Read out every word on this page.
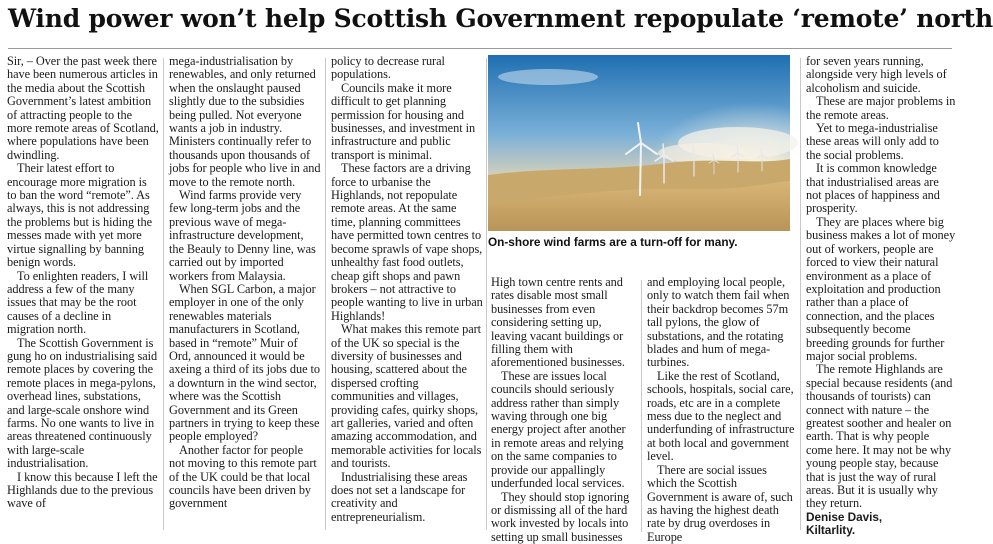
Wind power won’t help Scottish Government repopulate ‘remote’ north

Sir, – Over the past week there have been numerous articles in the media about the Scottish Government’s latest ambition of attracting people to the more remote areas of Scotland, where populations have been dwindling.

Their latest effort to encourage more migration is to ban the word “remote”. As always, this is not addressing the problems but is hiding the messes made with yet more virtue signalling by banning benign words.

To enlighten readers, I will address a few of the many issues that may be the root causes of a decline in migration north.

The Scottish Government is gung ho on industrialising said remote places by covering the remote places in mega-pylons, overhead lines, substations, and large-scale onshore wind farms. No one wants to live in areas threatened continuously with large-scale industrialisation.

I know this because I left the Highlands due to the previous wave of

mega-industrialisation by renewables, and only returned when the onslaught paused slightly due to the subsidies being pulled. Not everyone wants a job in industry. Ministers continually refer to thousands upon thousands of jobs for people who live in and move to the remote north.

Wind farms provide very few long-term jobs and the previous wave of mega-infrastructure development, the Beauly to Denny line, was carried out by imported workers from Malaysia.

When SGL Carbon, a major employer in one of the only renewables materials manufacturers in Scotland, based in “remote” Muir of Ord, announced it would be axeing a third of its jobs due to a downturn in the wind sector, where was the Scottish Government and its Green partners in trying to keep these people employed?

Another factor for people not moving to this remote part of the UK could be that local councils have been driven by government

policy to decrease rural populations.

Councils make it more difficult to get planning permission for housing and businesses, and investment in infrastructure and public transport is minimal.

These factors are a driving force to urbanise the Highlands, not repopulate remote areas. At the same time, planning committees have permitted town centres to become sprawls of vape shops, unhealthy fast food outlets, cheap gift shops and pawn brokers – not attractive to people wanting to live in urban Highlands!

What makes this remote part of the UK so special is the diversity of businesses and housing, scattered about the dispersed crofting communities and villages, providing cafes, quirky shops, art galleries, varied and often amazing accommodation, and memorable activities for locals and tourists.

Industrialising these areas does not set a landscape for creativity and entrepreneurialism.

On-shore wind farms are a turn-off for many.

High town centre rents and rates disable most small businesses from even considering setting up, leaving vacant buildings or filling them with aforementioned businesses.

These are issues local councils should seriously address rather than simply waving through one big energy project after another in remote areas and relying on the same companies to provide our appallingly underfunded local services.

They should stop ignoring or dismissing all of the hard work invested by locals into setting up small businesses

and employing local people, only to watch them fail when their backdrop becomes 57m tall pylons, the glow of substations, and the rotating blades and hum of mega-turbines.

Like the rest of Scotland, schools, hospitals, social care, roads, etc are in a complete mess due to the neglect and underfunding of infrastructure at both local and government level.

There are social issues which the Scottish Government is aware of, such as having the highest death rate by drug overdoses in Europe

for seven years running, alongside very high levels of alcoholism and suicide.

These are major problems in the remote areas.

Yet to mega-industrialise these areas will only add to the social problems.

It is common knowledge that industrialised areas are not places of happiness and prosperity.

They are places where big business makes a lot of money out of workers, people are forced to view their natural environment as a place of exploitation and production rather than a place of connection, and the places subsequently become breeding grounds for further major social problems.

The remote Highlands are special because residents (and thousands of tourists) can connect with nature – the greatest soother and healer on earth. That is why people come here. It may not be why young people stay, because that is just the way of rural areas. But it is usually why they return.

Denise Davis,
Kiltarlity.
